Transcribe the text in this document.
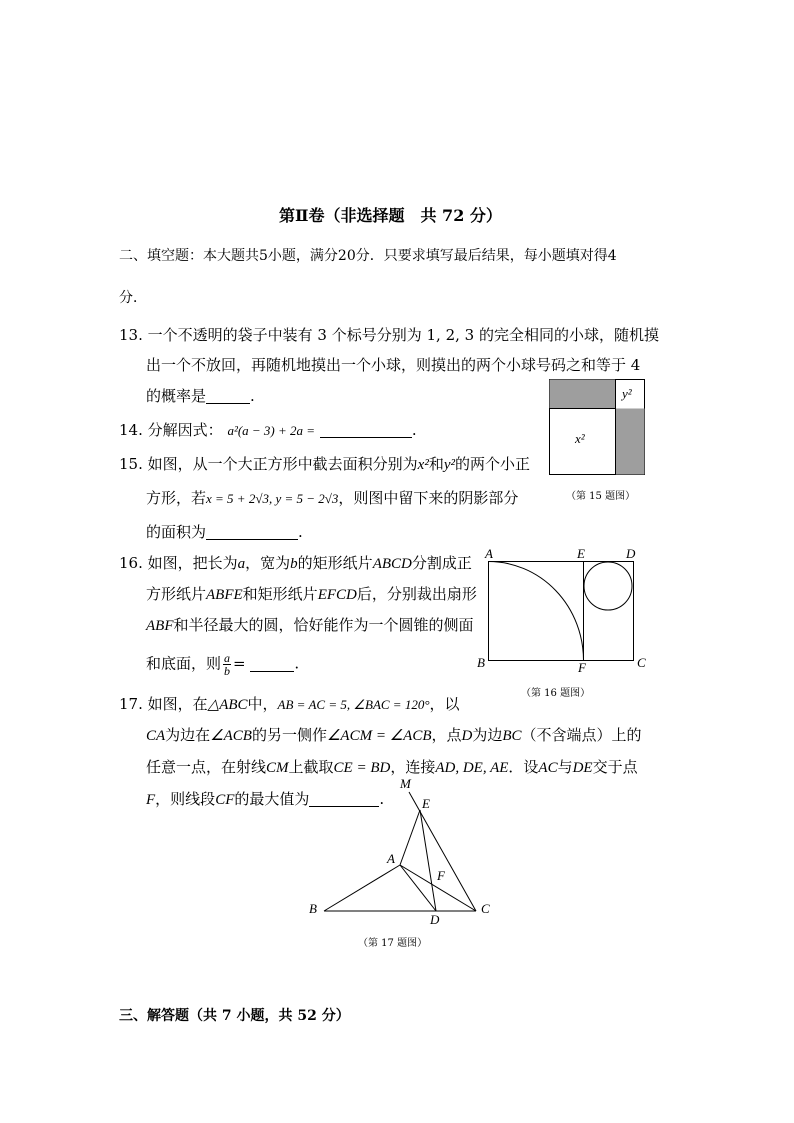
第Ⅱ卷（非选择题　共 72 分）
二、填空题：本大题共5小题，满分20分．只要求填写最后结果，每小题填对得4
分．
13. 一个不透明的袋子中装有 3 个标号分别为 1, 2, 3 的完全相同的小球，随机摸
出一个不放回，再随机地摸出一个小球，则摸出的两个小球号码之和等于 4
的概率是	.
14. 分解因式： a²(a − 3) + 2a =	.
15. 如图，从一个大正方形中截去面积分别为x²和y²的两个小正
方形，若x = 5 + 2√3, y = 5 − 2√3，则图中留下来的阴影部分
的面积为	.
y²
x²
（第 15 题图）
16. 如图，把长为a，宽为b的矩形纸片ABCD分割成正
方形纸片ABFE和矩形纸片EFCD后，分别裁出扇形
ABF和半径最大的圆，恰好能作为一个圆锥的侧面
和底面，则 $\frac{a}{b}$ =	.
A	E	D
B	F	C
（第 16 题图）
17. 如图，在△ABC中，AB = AC = 5, ∠BAC = 120°，以
CA为边在∠ACB的另一侧作∠ACM = ∠ACB，点D为边BC（不含端点）上的
任意一点，在射线CM上截取CE = BD，连接AD, DE, AE．设AC与DE交于点
F，则线段CF的最大值为	.
M
E
A
F
B
D
C
（第 17 题图）
三、解答题（共 7 小题，共 52 分）
